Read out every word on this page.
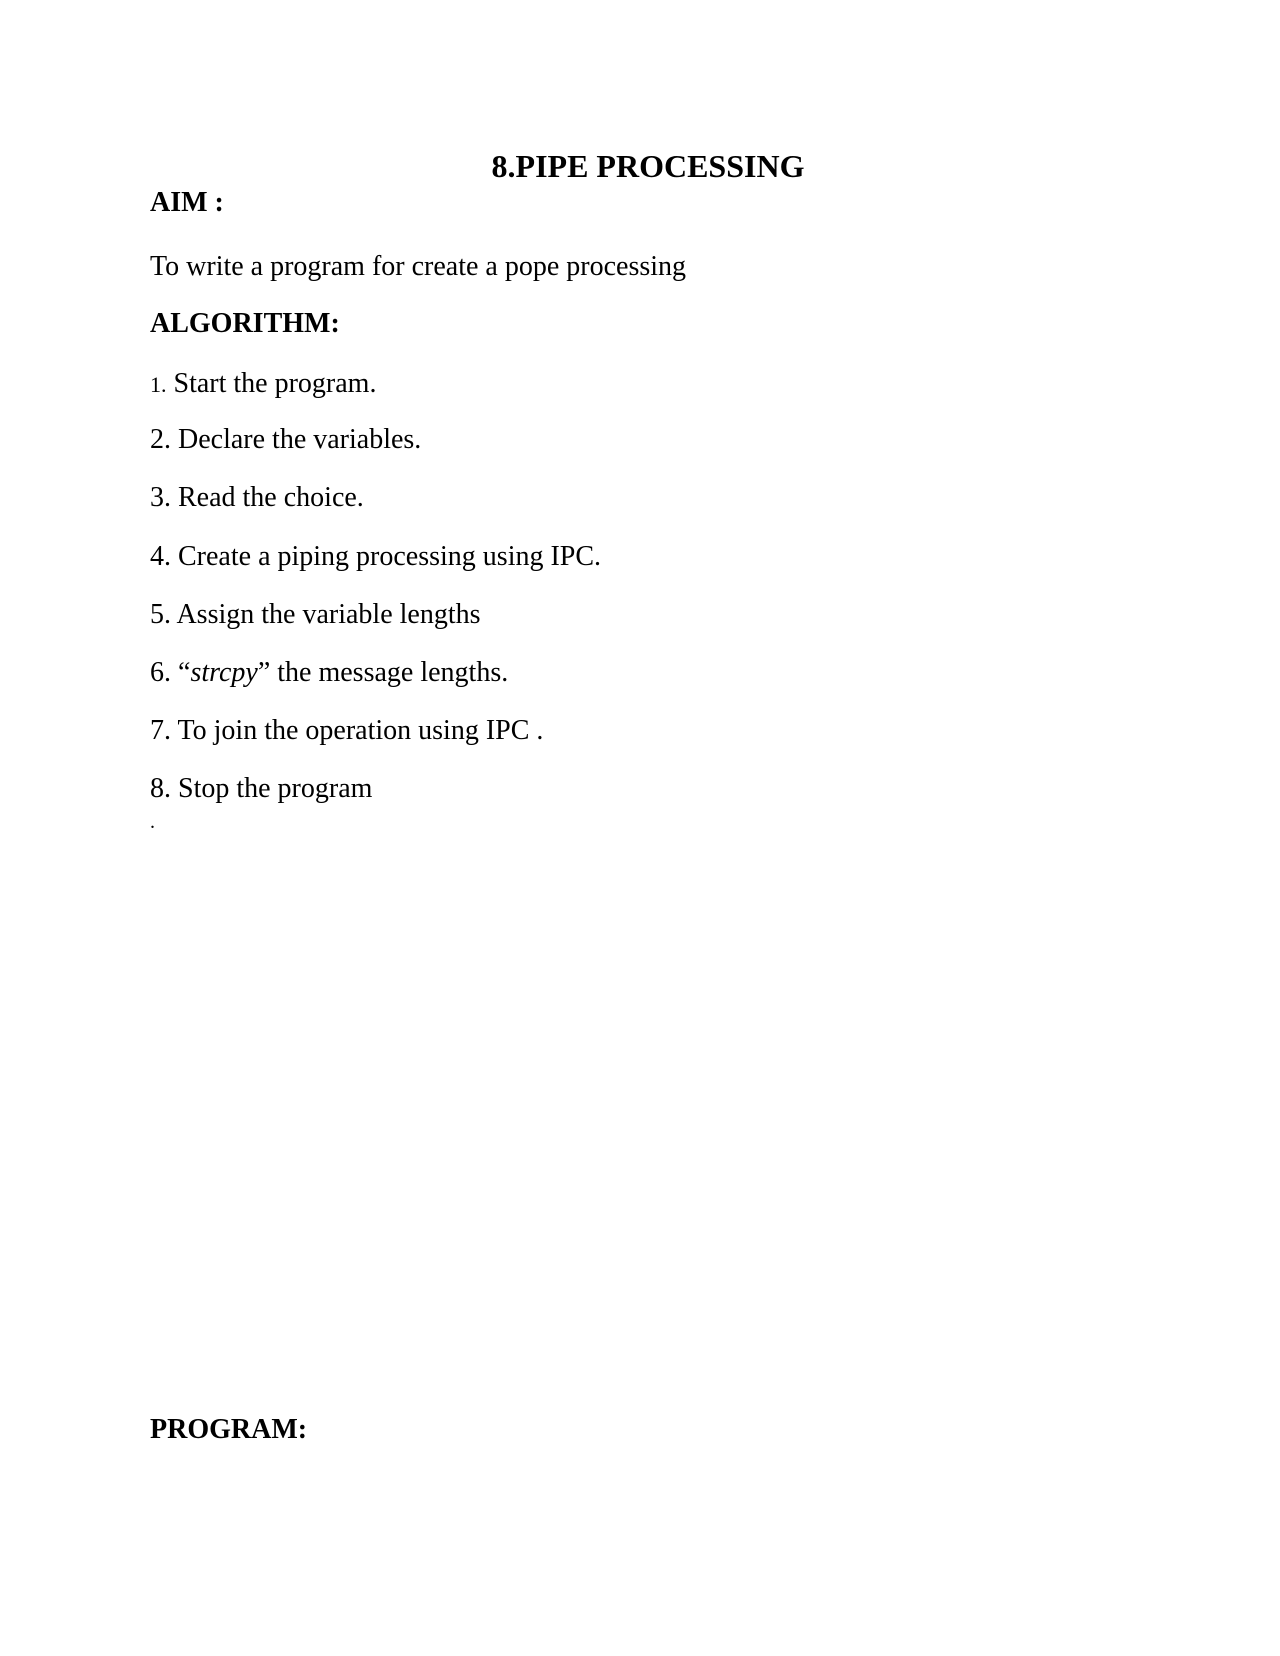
8.PIPE PROCESSING

AIM :

To write a program for create a pope processing

ALGORITHM:

1. Start the program.

2. Declare the variables.

3. Read the choice.

4. Create a piping processing using IPC.

5. Assign the variable lengths

6. “strcpy” the message lengths.

7. To join the operation using IPC .

8. Stop the program

.

PROGRAM:
